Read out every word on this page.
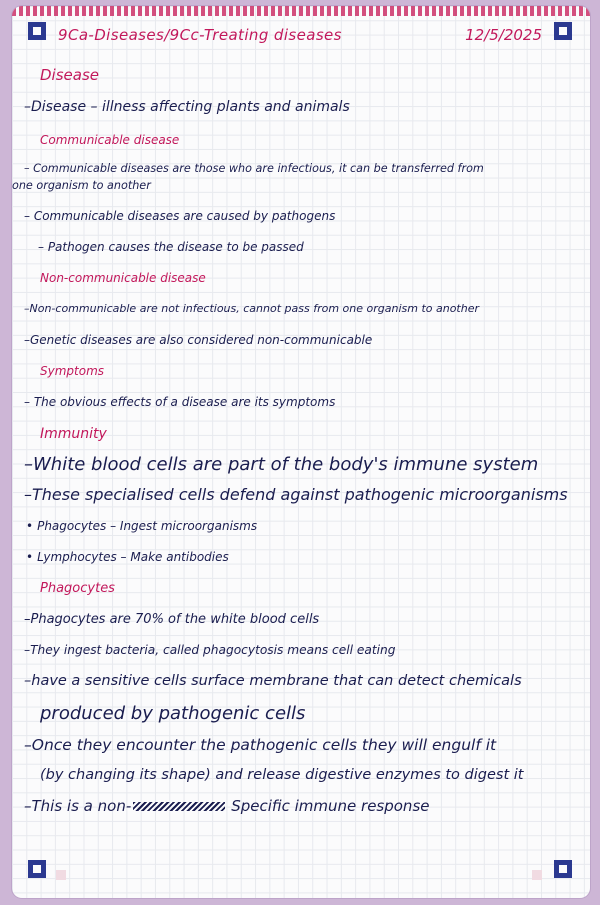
9Ca-Diseases/9Cc-Treating diseases	12/5/2025
Disease
–Disease – illness affecting plants and animals
Communicable disease
– Communicable diseases are those who are infectious, it can be transferred from
one organism to another
– Communicable diseases are caused by pathogens
– Pathogen causes the disease to be passed
Non-communicable disease
–Non-communicable are not infectious, cannot pass from one organism to another
–Genetic diseases are also considered non-communicable
Symptoms
– The obvious effects of a disease are its symptoms
Immunity
–White blood cells are part of the body's immune system
–These specialised cells defend against pathogenic microorganisms
• Phagocytes – Ingest microorganisms
• Lymphocytes – Make antibodies
Phagocytes
–Phagocytes are 70% of the white blood cells
–They ingest bacteria, called phagocytosis means cell eating
–have a sensitive cells surface membrane that can detect chemicals
produced by pathogenic cells
–Once they encounter the pathogenic cells they will engulf it
(by changing its shape) and release digestive enzymes to digest it
–This is a non-	Specific immune response
